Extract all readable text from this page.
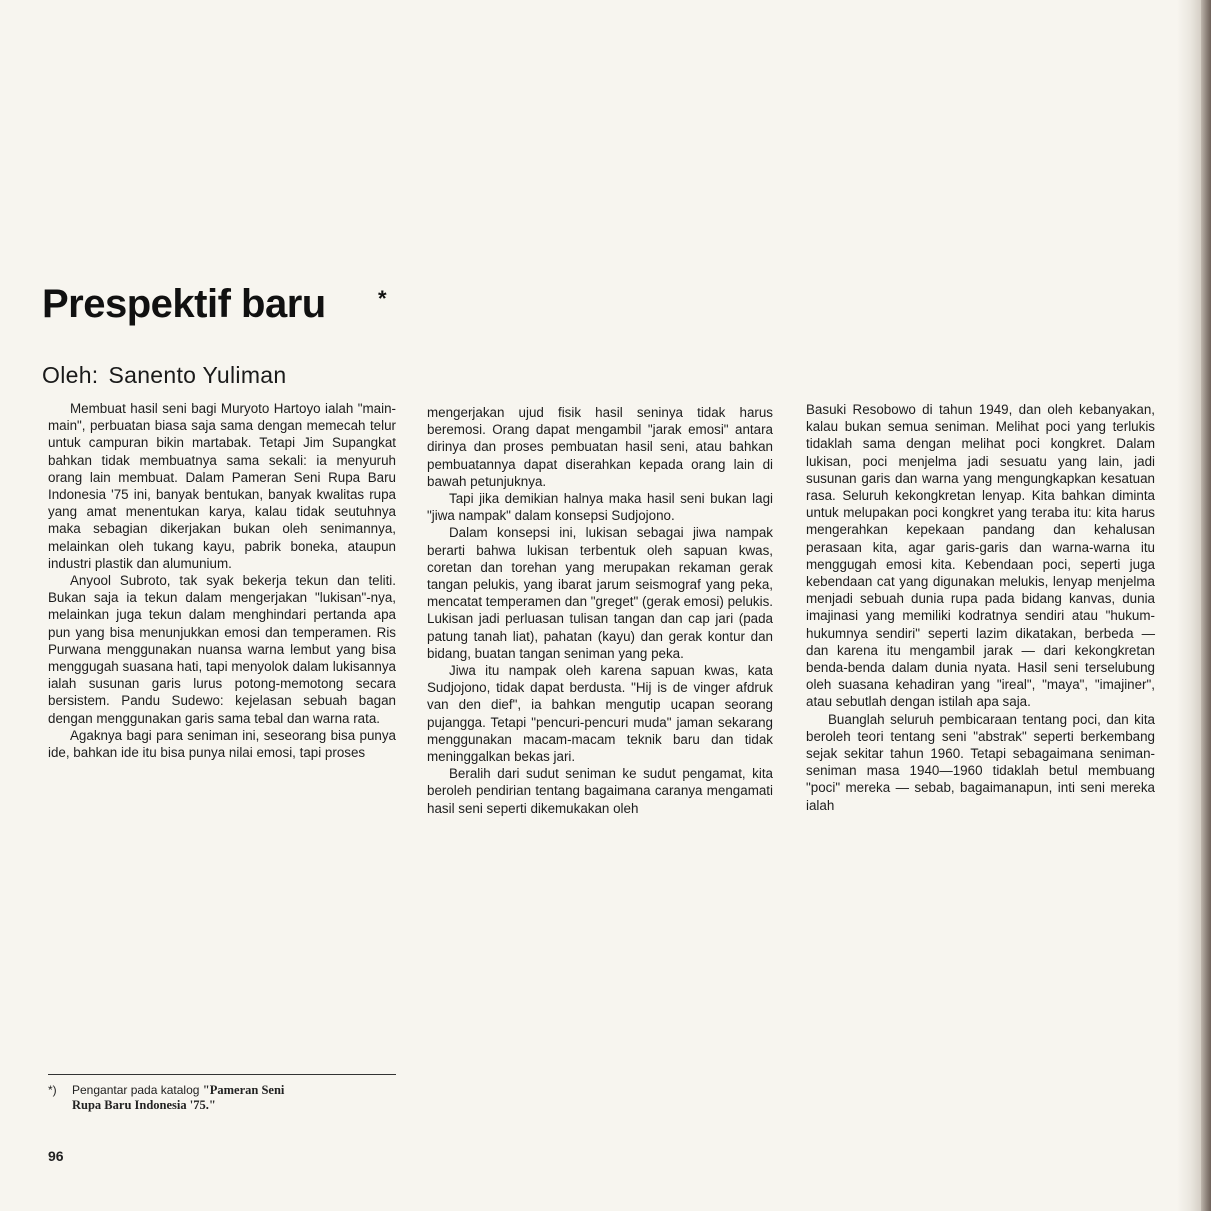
Prespektif baru *
Oleh: Sanento Yuliman

Membuat hasil seni bagi Muryoto Hartoyo ialah "main-main", perbuatan biasa saja sama dengan memecah telur untuk campuran bikin martabak. Tetapi Jim Supangkat bahkan tidak membuatnya sama sekali: ia menyuruh orang lain membuat. Dalam Pameran Seni Rupa Baru Indonesia '75 ini, banyak bentukan, banyak kwalitas rupa yang amat menentukan karya, kalau tidak seutuhnya maka sebagian dikerjakan bukan oleh senimannya, melainkan oleh tukang kayu, pabrik boneka, ataupun industri plastik dan alumunium.

Anyool Subroto, tak syak bekerja tekun dan teliti. Bukan saja ia tekun dalam mengerjakan "lukisan"-nya, melainkan juga tekun dalam menghindari pertanda apa pun yang bisa menunjukkan emosi dan temperamen. Ris Purwana menggunakan nuansa warna lembut yang bisa menggugah suasana hati, tapi menyolok dalam lukisannya ialah susunan garis lurus potong-memotong secara bersistem. Pandu Sudewo: kejelasan sebuah bagan dengan menggunakan garis sama tebal dan warna rata.

Agaknya bagi para seniman ini, seseorang bisa punya ide, bahkan ide itu bisa punya nilai emosi, tapi proses

mengerjakan ujud fisik hasil seninya tidak harus beremosi. Orang dapat mengambil "jarak emosi" antara dirinya dan proses pembuatan hasil seni, atau bahkan pembuatannya dapat diserahkan kepada orang lain di bawah petunjuknya.

Tapi jika demikian halnya maka hasil seni bukan lagi "jiwa nampak" dalam konsepsi Sudjojono.

Dalam konsepsi ini, lukisan sebagai jiwa nampak berarti bahwa lukisan terbentuk oleh sapuan kwas, coretan dan torehan yang merupakan rekaman gerak tangan pelukis, yang ibarat jarum seismograf yang peka, mencatat temperamen dan "greget" (gerak emosi) pelukis. Lukisan jadi perluasan tulisan tangan dan cap jari (pada patung tanah liat), pahatan (kayu) dan gerak kontur dan bidang, buatan tangan seniman yang peka.

Jiwa itu nampak oleh karena sapuan kwas, kata Sudjojono, tidak dapat berdusta. "Hij is de vinger afdruk van den dief", ia bahkan mengutip ucapan seorang pujangga. Tetapi "pencuri-pencuri muda" jaman sekarang menggunakan macam-macam teknik baru dan tidak meninggalkan bekas jari.

Beralih dari sudut seniman ke sudut pengamat, kita beroleh pendirian tentang bagaimana caranya mengamati hasil seni seperti dikemukakan oleh

Basuki Resobowo di tahun 1949, dan oleh kebanyakan, kalau bukan semua seniman. Melihat poci yang terlukis tidaklah sama dengan melihat poci kongkret. Dalam lukisan, poci menjelma jadi sesuatu yang lain, jadi susunan garis dan warna yang mengungkapkan kesatuan rasa. Seluruh kekongkretan lenyap. Kita bahkan diminta untuk melupakan poci kongkret yang teraba itu: kita harus mengerahkan kepekaan pandang dan kehalusan perasaan kita, agar garis-garis dan warna-warna itu menggugah emosi kita. Kebendaan poci, seperti juga kebendaan cat yang digunakan melukis, lenyap menjelma menjadi sebuah dunia rupa pada bidang kanvas, dunia imajinasi yang memiliki kodratnya sendiri atau "hukum-hukumnya sendiri" seperti lazim dikatakan, berbeda — dan karena itu mengambil jarak — dari kekongkretan benda-benda dalam dunia nyata. Hasil seni terselubung oleh suasana kehadiran yang "ireal", "maya", "imajiner", atau sebutlah dengan istilah apa saja.

Buanglah seluruh pembicaraan tentang poci, dan kita beroleh teori tentang seni "abstrak" seperti berkembang sejak sekitar tahun 1960. Tetapi sebagaimana seniman-seniman masa 1940—1960 tidaklah betul membuang "poci" mereka — sebab, bagaimanapun, inti seni mereka ialah

*) Pengantar pada katalog "Pameran Seni
Rupa Baru Indonesia '75."
96
